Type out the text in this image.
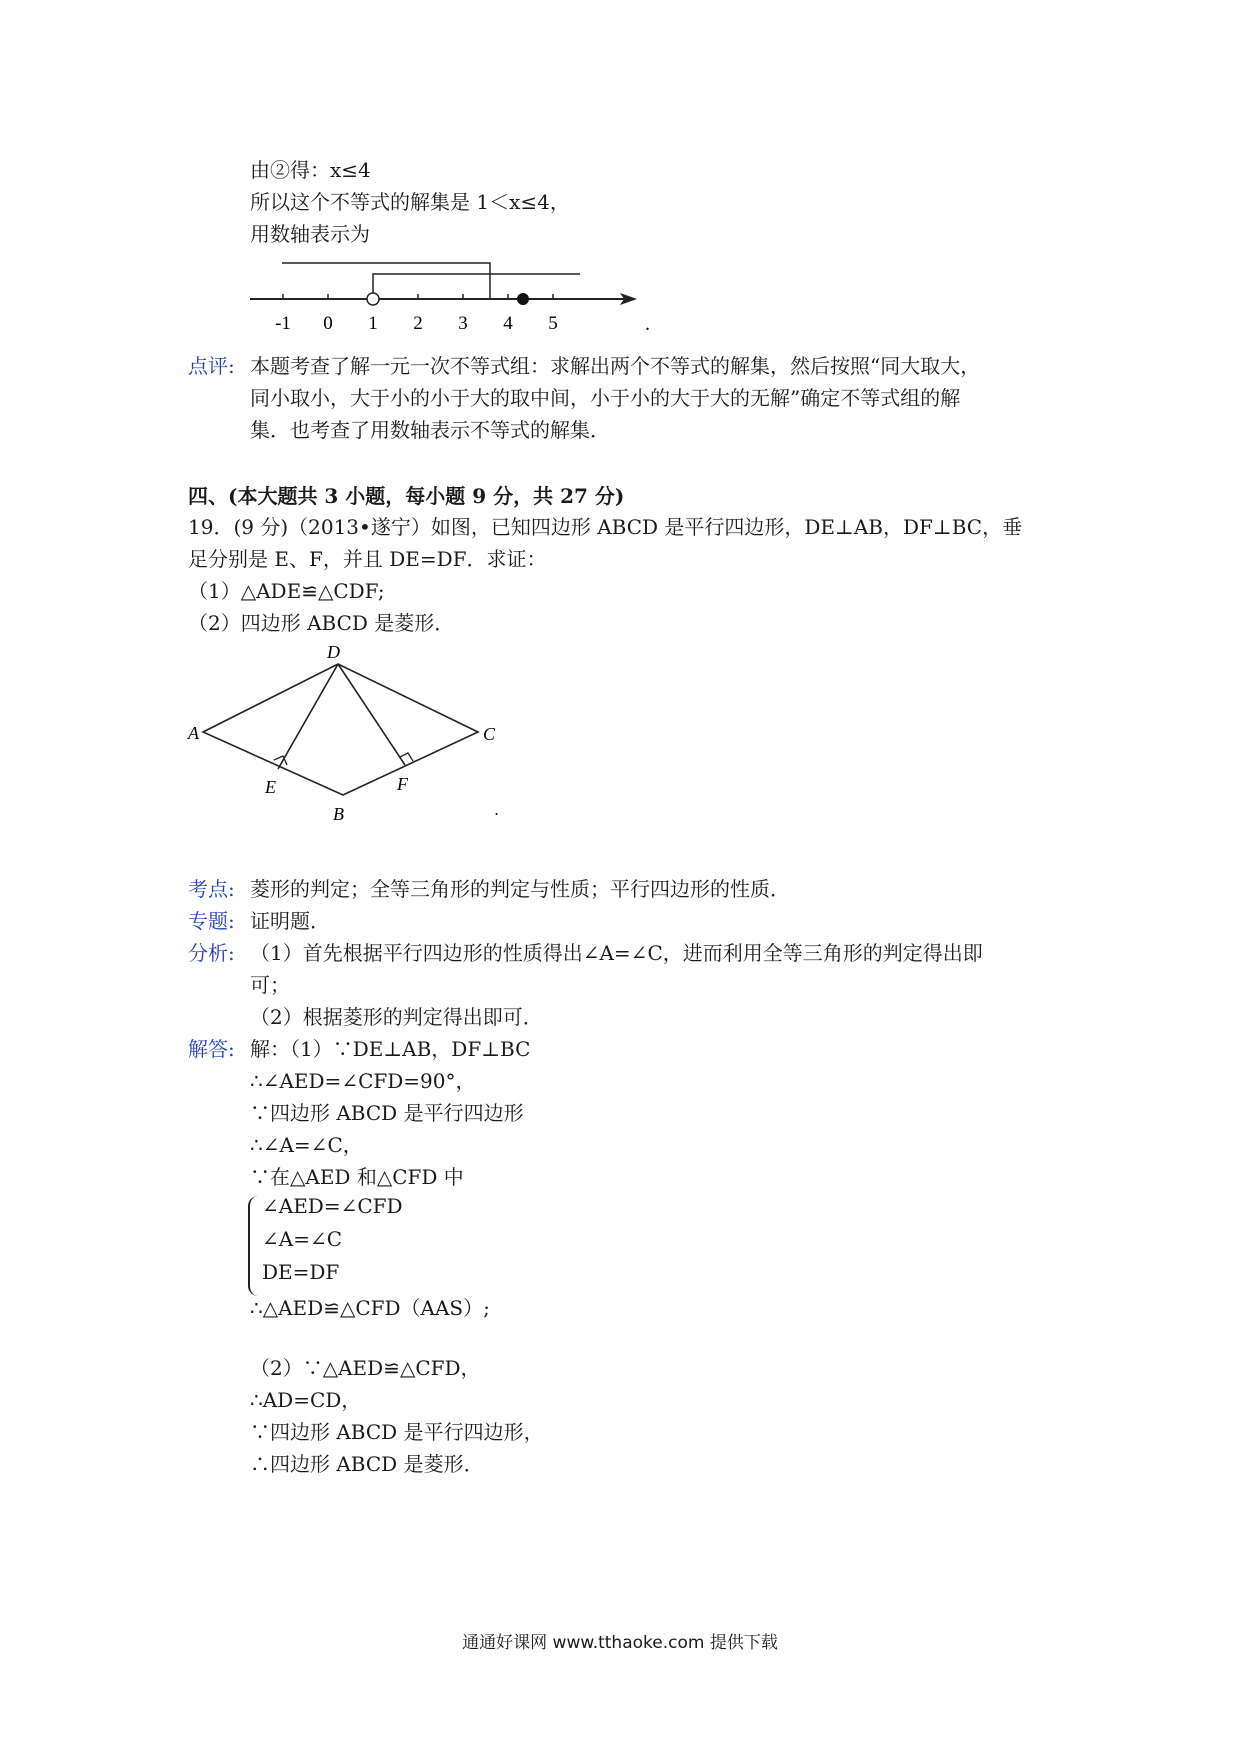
由②得：x≤4
所以这个不等式的解集是 1＜x≤4，
用数轴表示为
-1 0 1 2 3 4 5	.
点评: 本题考查了解一元一次不等式组：求解出两个不等式的解集，然后按照“同大取大，
同小取小，大于小的小于大的取中间，小于小的大于大的无解”确定不等式组的解
集．也考查了用数轴表示不等式的解集．
四、(本大题共 3 小题，每小题 9 分，共 27 分)
19．(9 分)（2013•遂宁）如图，已知四边形 ABCD 是平行四边形，DE⊥AB，DF⊥BC，垂
足分别是 E、F，并且 DE=DF．求证：
（1）△ADE≌△CDF;
（2）四边形 ABCD 是菱形．
D
A	C
E	F
B	.
考点: 菱形的判定；全等三角形的判定与性质；平行四边形的性质．
专题: 证明题．
分析: （1）首先根据平行四边形的性质得出∠A=∠C，进而利用全等三角形的判定得出即
可；
（2）根据菱形的判定得出即可．
解答: 解：（1）∵DE⊥AB，DF⊥BC
∴∠AED=∠CFD=90°，
∵四边形 ABCD 是平行四边形
∴∠A=∠C，
∵在△AED 和△CFD 中
∠AED=∠CFD
∠A=∠C
DE=DF
∴△AED≌△CFD（AAS）;
（2）∵△AED≌△CFD，
∴AD=CD，
∵四边形 ABCD 是平行四边形，
∴四边形 ABCD 是菱形．
通通好课网 www.tthaoke.com 提供下载
